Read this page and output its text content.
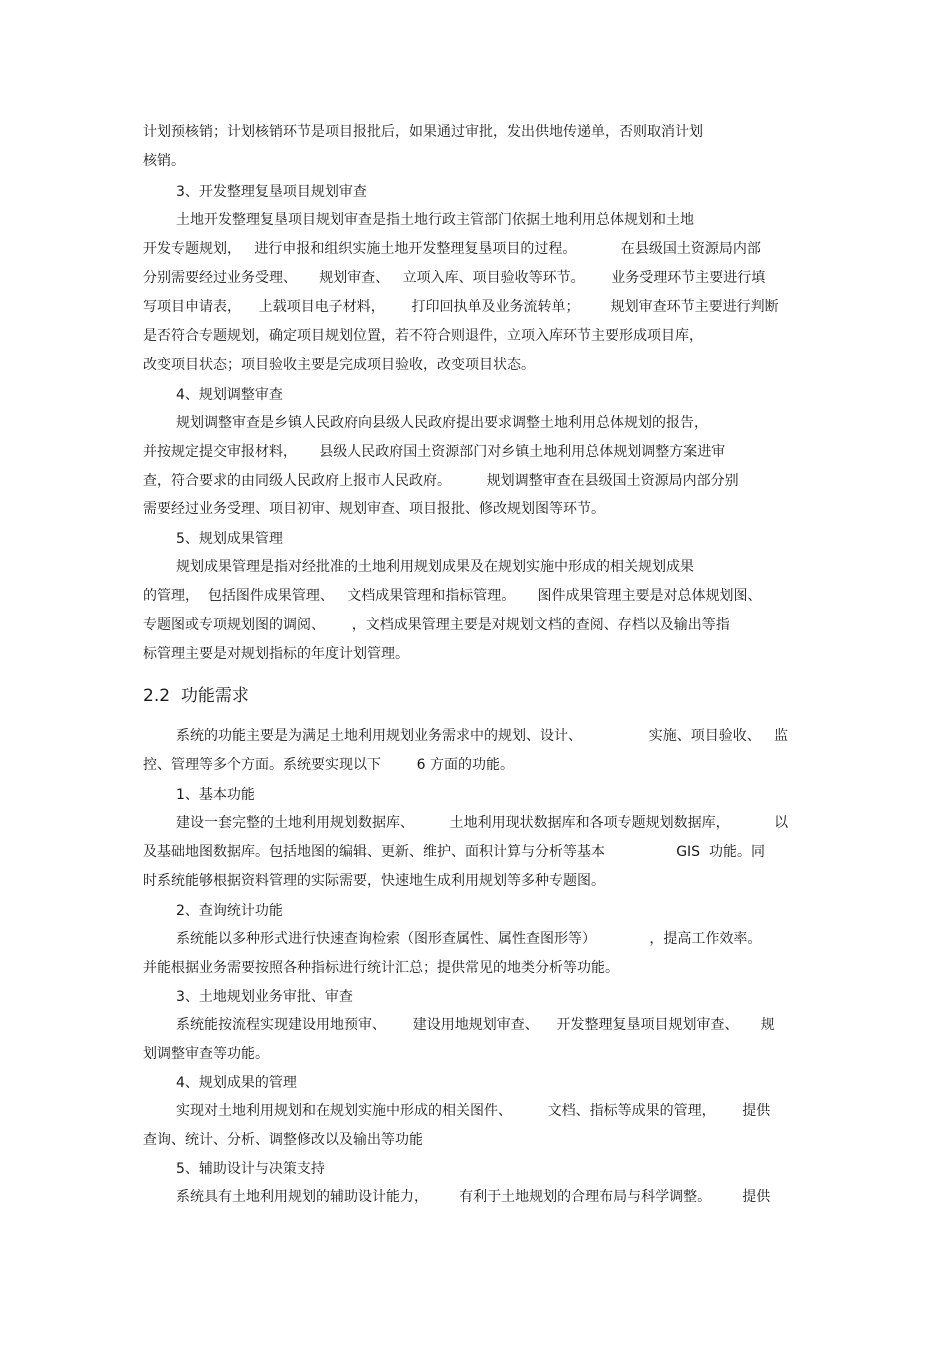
计划预核销；计划核销环节是项目报批后，如果通过审批，发出供地传递单，否则取消计划
核销。
3、开发整理复垦项目规划审查
土地开发整理复垦项目规划审查是指土地行政主管部门依据土地利用总体规划和土地
开发专题规划，   进行申报和组织实施土地开发整理复垦项目的过程。          在县级国土资源局内部
分别需要经过业务受理、     规划审查、   立项入库、项目验收等环节。      业务受理环节主要进行填
写项目申请表，    上载项目电子材料，      打印回执单及业务流转单；       规划审查环节主要进行判断
是否符合专题规划，确定项目规划位置，若不符合则退件，立项入库环节主要形成项目库，
改变项目状态；项目验收主要是完成项目验收，改变项目状态。
4、规划调整审查
规划调整审查是乡镇人民政府向县级人民政府提出要求调整土地利用总体规划的报告，
并按规定提交审报材料，     县级人民政府国土资源部门对乡镇土地利用总体规划调整方案进审
查，符合要求的由同级人民政府上报市人民政府。        规划调整审查在县级国土资源局内部分别
需要经过业务受理、项目初审、规划审查、项目报批、修改规划图等环节。
5、规划成果管理
规划成果管理是指对经批准的土地利用规划成果及在规划实施中形成的相关规划成果
的管理，  包括图件成果管理、   文档成果管理和指标管理。     图件成果管理主要是对总体规划图、
专题图或专项规划图的调阅、      ，文档成果管理主要是对规划文档的查阅、存档以及输出等指
标管理主要是对规划指标的年度计划管理。
2.2  功能需求
系统的功能主要是为满足土地利用规划业务需求中的规划、设计、               实施、项目验收、   监
控、管理等多个方面。系统要实现以下        6 方面的功能。
1、基本功能
建设一套完整的土地利用规划数据库、        土地利用现状数据库和各项专题规划数据库，          以
及基础地图数据库。包括地图的编辑、更新、维护、面积计算与分析等基本                GIS  功能。同
时系统能够根据资料管理的实际需要，快速地生成利用规划等多种专题图。
2、查询统计功能
系统能以多种形式进行快速查询检索（图形查属性、属性查图形等）            ，提高工作效率。
并能根据业务需要按照各种指标进行统计汇总；提供常见的地类分析等功能。
3、土地规划业务审批、审查
系统能按流程实现建设用地预审、      建设用地规划审查、    开发整理复垦项目规划审查、     规
划调整审查等功能。
4、规划成果的管理
实现对土地利用规划和在规划实施中形成的相关图件、        文档、指标等成果的管理，      提供
查询、统计、分析、调整修改以及输出等功能
5、辅助设计与决策支持
系统具有土地利用规划的辅助设计能力，       有利于土地规划的合理布局与科学调整。       提供
